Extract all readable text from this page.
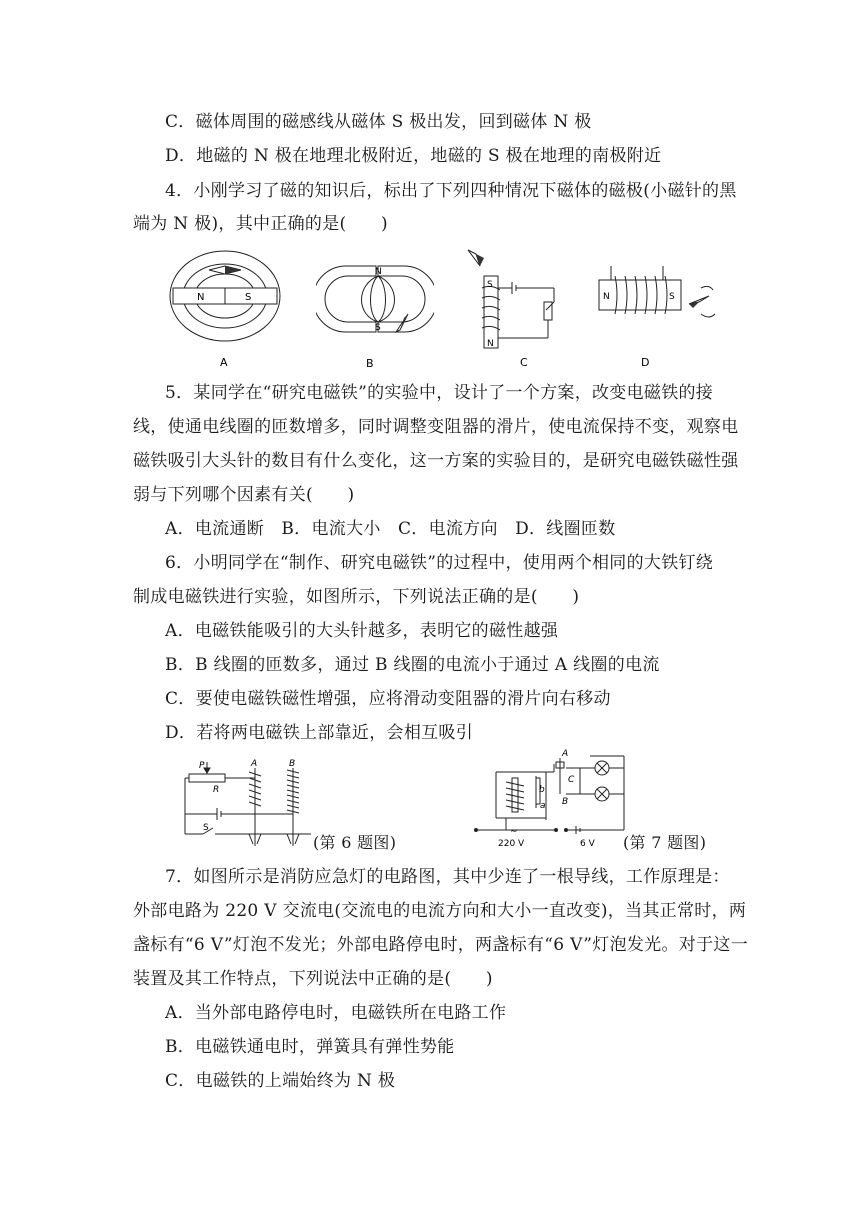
C．磁体周围的磁感线从磁体 S 极出发，回到磁体 N 极
D．地磁的 N 极在地理北极附近，地磁的 S 极在地理的南极附近
4．小刚学习了磁的知识后，标出了下列四种情况下磁体的磁极(小磁针的黑
端为 N 极)，其中正确的是(　　)
N	S
A
N
S
B
S
N
C
N	S
D
5．某同学在“研究电磁铁”的实验中，设计了一个方案，改变电磁铁的接
线，使通电线圈的匝数增多，同时调整变阻器的滑片，使电流保持不变，观察电
磁铁吸引大头针的数目有什么变化，这一方案的实验目的，是研究电磁铁磁性强
弱与下列哪个因素有关(　　)
A．电流通断　B．电流大小　C．电流方向　D．线圈匝数
6．小明同学在“制作、研究电磁铁”的过程中，使用两个相同的大铁钉绕
制成电磁铁进行实验，如图所示，下列说法正确的是(　　)
A．电磁铁能吸引的大头针越多，表明它的磁性越强
B．B 线圈的匝数多，通过 B 线圈的电流小于通过 A 线圈的电流
C．要使电磁铁磁性增强，应将滑动变阻器的滑片向右移动
D．若将两电磁铁上部靠近，会相互吸引
P
R
A	B
S
(第 6 题图)
A
B
C
b
a
~
220 V	6 V (第 7 题图)
7．如图所示是消防应急灯的电路图，其中少连了一根导线，工作原理是：
外部电路为 220 V 交流电(交流电的电流方向和大小一直改变)，当其正常时，两
盏标有“6 V”灯泡不发光；外部电路停电时，两盏标有“6 V”灯泡发光。对于这一
装置及其工作特点，下列说法中正确的是(　　)
A．当外部电路停电时，电磁铁所在电路工作
B．电磁铁通电时，弹簧具有弹性势能
C．电磁铁的上端始终为 N 极
